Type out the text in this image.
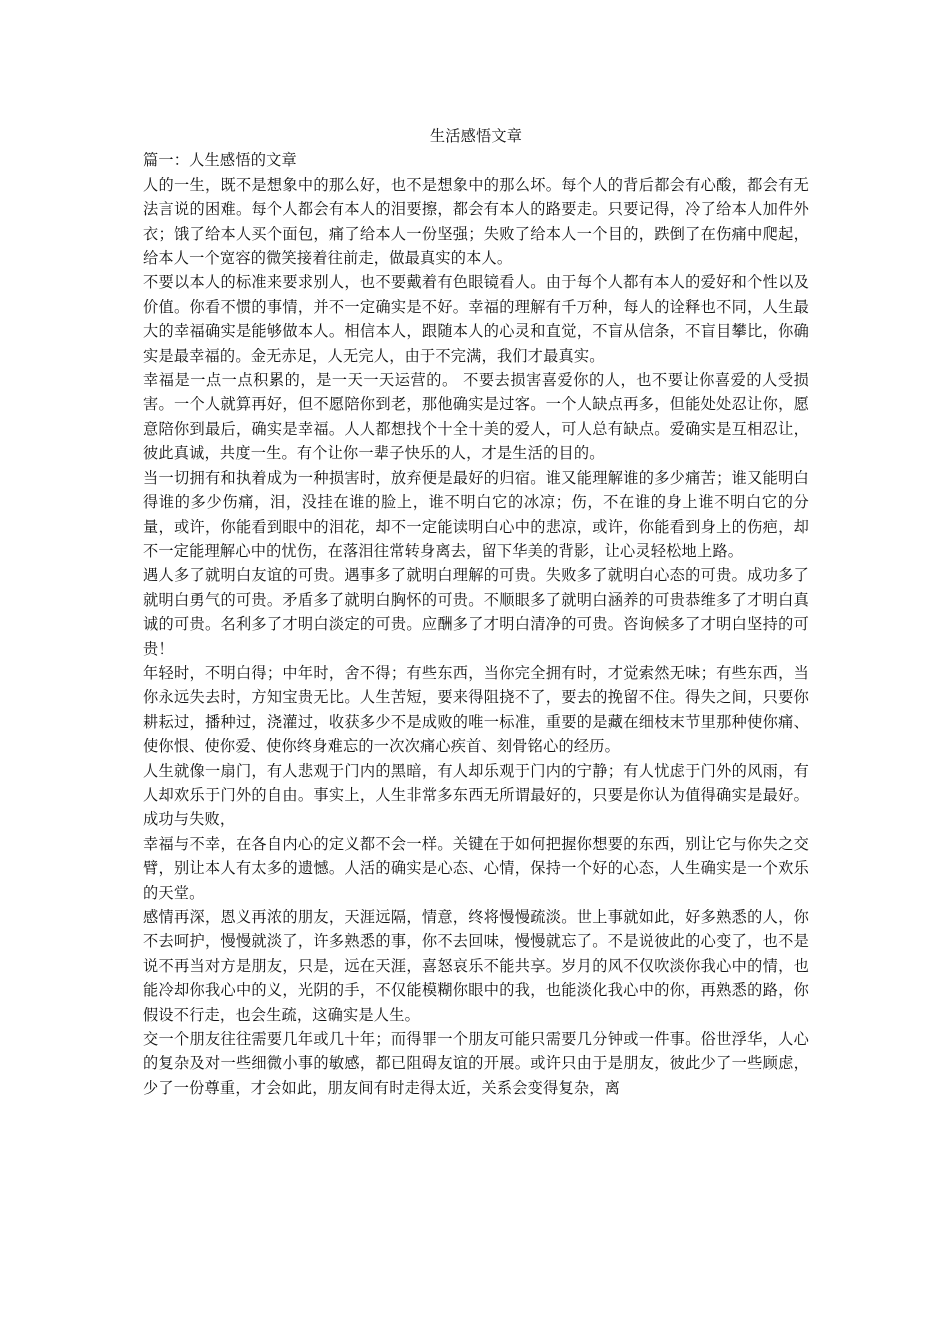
生活感悟文章

篇一：人生感悟的文章

人的一生，既不是想象中的那么好，也不是想象中的那么坏。每个人的背后都会有心酸，都会有无法言说的困难。每个人都会有本人的泪要擦，都会有本人的路要走。只要记得，冷了给本人加件外衣；饿了给本人买个面包，痛了给本人一份坚强；失败了给本人一个目的，跌倒了在伤痛中爬起，给本人一个宽容的微笑接着往前走，做最真实的本人。

不要以本人的标准来要求别人，也不要戴着有色眼镜看人。由于每个人都有本人的爱好和个性以及价值。你看不惯的事情，并不一定确实是不好。幸福的理解有千万种，每人的诠释也不同，人生最大的幸福确实是能够做本人。相信本人，跟随本人的心灵和直觉，不盲从信条，不盲目攀比，你确实是最幸福的。金无赤足，人无完人，由于不完满，我们才最真实。

幸福是一点一点积累的，是一天一天运营的。 不要去损害喜爱你的人，也不要让你喜爱的人受损害。一个人就算再好，但不愿陪你到老，那他确实是过客。一个人缺点再多，但能处处忍让你，愿意陪你到最后，确实是幸福。人人都想找个十全十美的爱人，可人总有缺点。爱确实是互相忍让，彼此真诚，共度一生。有个让你一辈子快乐的人，才是生活的目的。

当一切拥有和执着成为一种损害时，放弃便是最好的归宿。谁又能理解谁的多少痛苦；谁又能明白得谁的多少伤痛，泪，没挂在谁的脸上，谁不明白它的冰凉；伤，不在谁的身上谁不明白它的分量，或许，你能看到眼中的泪花，却不一定能读明白心中的悲凉，或许，你能看到身上的伤疤，却不一定能理解心中的忧伤，在落泪往常转身离去，留下华美的背影，让心灵轻松地上路。

遇人多了就明白友谊的可贵。遇事多了就明白理解的可贵。失败多了就明白心态的可贵。成功多了就明白勇气的可贵。矛盾多了就明白胸怀的可贵。不顺眼多了就明白涵养的可贵恭维多了才明白真诚的可贵。名利多了才明白淡定的可贵。应酬多了才明白清净的可贵。咨询候多了才明白坚持的可贵！

年轻时，不明白得；中年时，舍不得；有些东西，当你完全拥有时，才觉索然无味；有些东西，当你永远失去时，方知宝贵无比。人生苦短，要来得阻挠不了，要去的挽留不住。得失之间，只要你耕耘过，播种过，浇灌过，收获多少不是成败的唯一标准，重要的是藏在细枝末节里那种使你痛、使你恨、使你爱、使你终身难忘的一次次痛心疾首、刻骨铭心的经历。

人生就像一扇门，有人悲观于门内的黑暗，有人却乐观于门内的宁静；有人忧虑于门外的风雨，有人却欢乐于门外的自由。事实上，人生非常多东西无所谓最好的，只要是你认为值得确实是最好。成功与失败，

幸福与不幸，在各自内心的定义都不会一样。关键在于如何把握你想要的东西，别让它与你失之交臂，别让本人有太多的遗憾。人活的确实是心态、心情，保持一个好的心态，人生确实是一个欢乐的天堂。

感情再深，恩义再浓的朋友，天涯远隔，情意，终将慢慢疏淡。世上事就如此，好多熟悉的人，你不去呵护，慢慢就淡了，许多熟悉的事，你不去回味，慢慢就忘了。不是说彼此的心变了，也不是说不再当对方是朋友，只是，远在天涯，喜怒哀乐不能共享。岁月的风不仅吹淡你我心中的情，也能冷却你我心中的义，光阴的手，不仅能模糊你眼中的我，也能淡化我心中的你，再熟悉的路，你假设不行走，也会生疏，这确实是人生。

交一个朋友往往需要几年或几十年；而得罪一个朋友可能只需要几分钟或一件事。俗世浮华，人心的复杂及对一些细微小事的敏感，都已阻碍友谊的开展。或许只由于是朋友，彼此少了一些顾虑，少了一份尊重，才会如此，朋友间有时走得太近，关系会变得复杂，离
